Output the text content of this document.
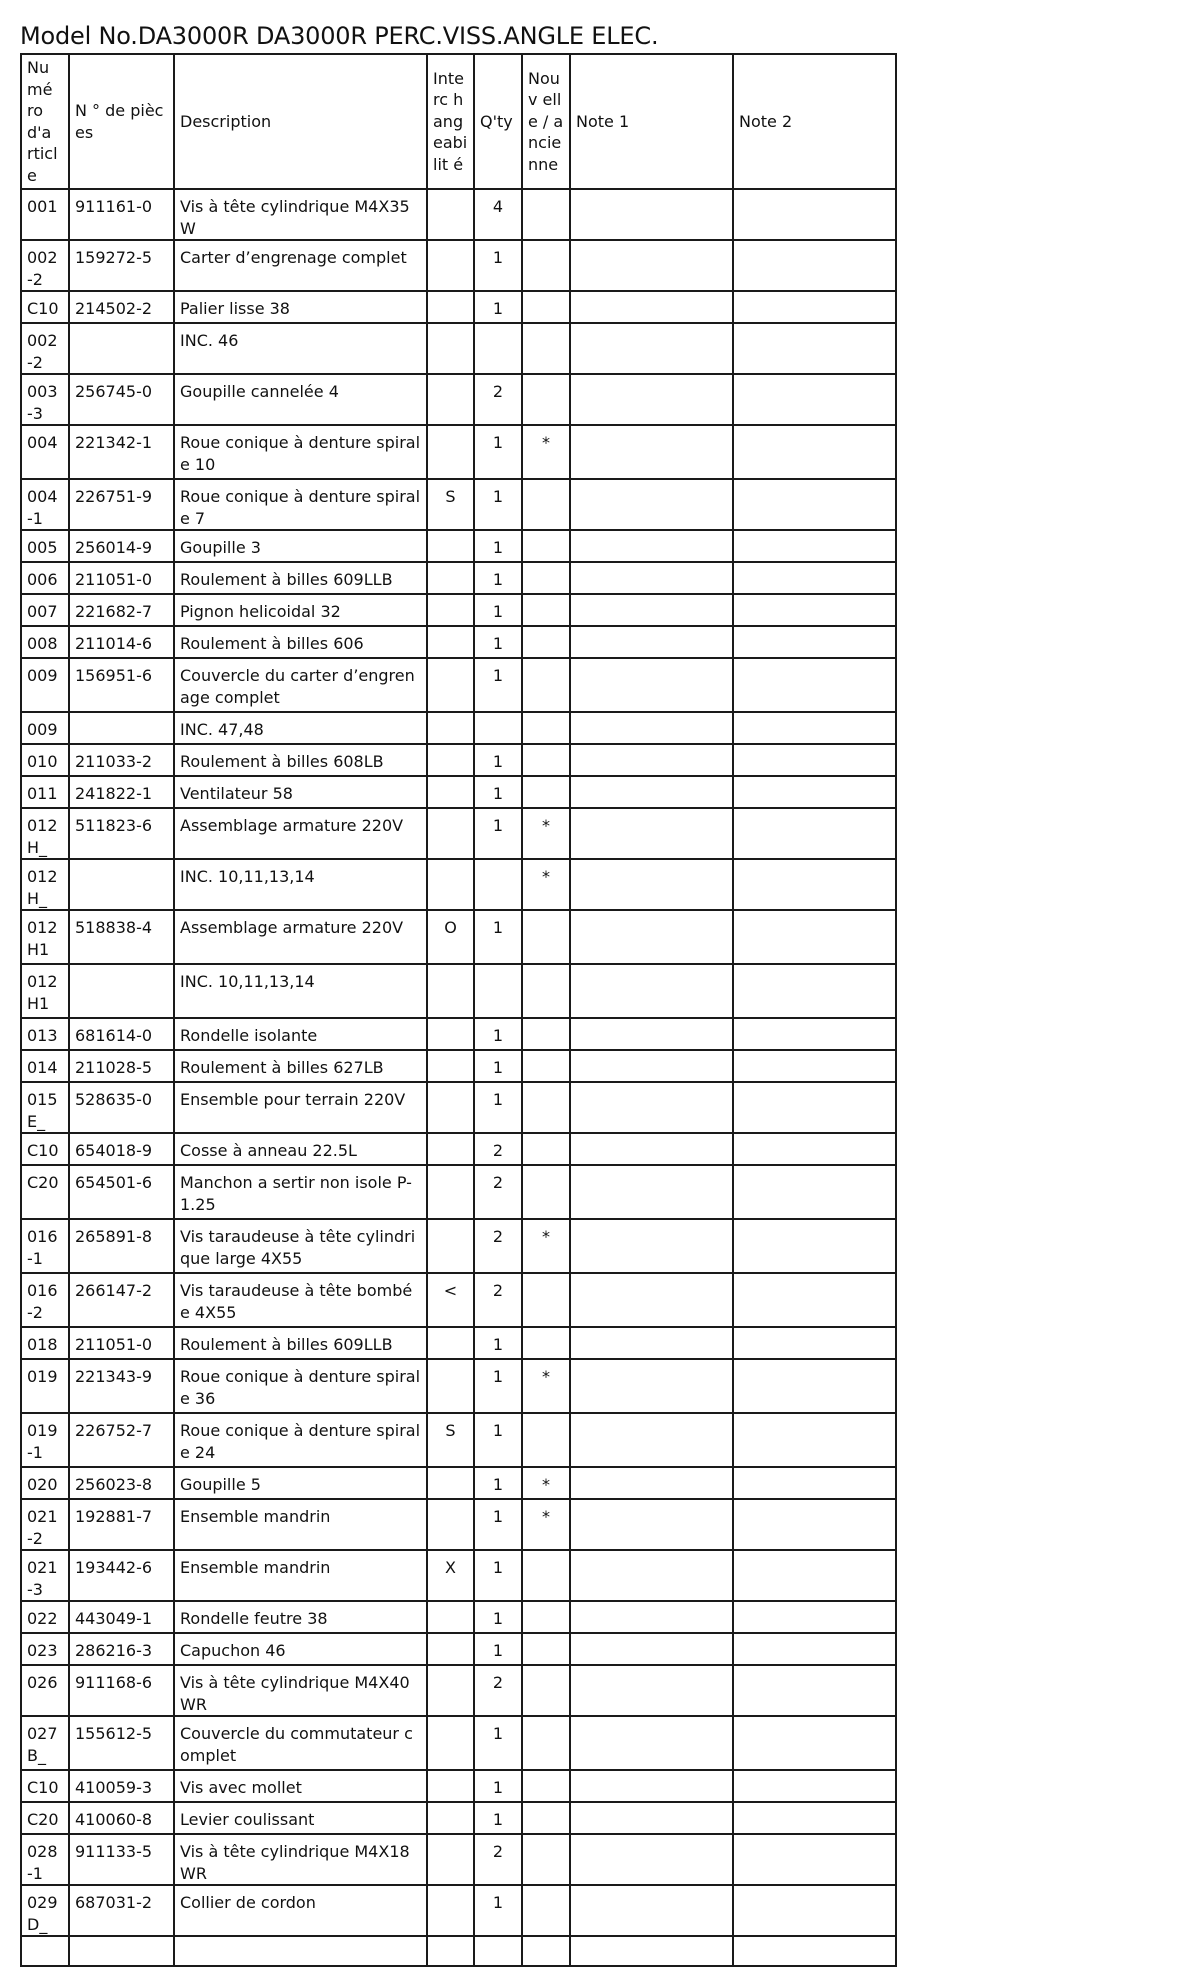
Model No.DA3000R DA3000R PERC.VISS.ANGLE ELEC.
Numé ro d'a rticle	N ° de pièces	Description	Interc hang eabilit é	Q'ty	Nouv elle / ancie nne	Note 1	Note 2
001	911161-0	Vis à tête cylindrique M4X35 W		4			
002-2	159272-5	Carter d’engrenage complet		1			
C10	214502-2	Palier lisse 38		1			
002-2		INC. 46					
003-3	256745-0	Goupille cannelée 4		2			
004	221342-1	Roue conique à denture spirale 10		1	*		
004-1	226751-9	Roue conique à denture spirale 7	S	1			
005	256014-9	Goupille 3		1			
006	211051-0	Roulement à billes 609LLB		1			
007	221682-7	Pignon helicoidal 32		1			
008	211014-6	Roulement à billes 606		1			
009	156951-6	Couvercle du carter d’engrenage complet		1			
009		INC. 47,48					
010	211033-2	Roulement à billes 608LB		1			
011	241822-1	Ventilateur 58		1			
012H_	511823-6	Assemblage armature 220V		1	*		
012H_		INC. 10,11,13,14			*		
012H1	518838-4	Assemblage armature 220V	O	1			
012H1		INC. 10,11,13,14					
013	681614-0	Rondelle isolante		1			
014	211028-5	Roulement à billes 627LB		1			
015E_	528635-0	Ensemble pour terrain 220V		1			
C10	654018-9	Cosse à anneau 22.5L		2			
C20	654501-6	Manchon a sertir non isole P-1.25		2			
016-1	265891-8	Vis taraudeuse à tête cylindrique large 4X55		2	*		
016-2	266147-2	Vis taraudeuse à tête bombée 4X55	<	2			
018	211051-0	Roulement à billes 609LLB		1			
019	221343-9	Roue conique à denture spirale 36		1	*		
019-1	226752-7	Roue conique à denture spirale 24	S	1			
020	256023-8	Goupille 5		1	*		
021-2	192881-7	Ensemble mandrin		1	*		
021-3	193442-6	Ensemble mandrin	X	1			
022	443049-1	Rondelle feutre 38		1			
023	286216-3	Capuchon 46		1			
026	911168-6	Vis à tête cylindrique M4X40 WR		2			
027B_	155612-5	Couvercle du commutateur complet		1			
C10	410059-3	Vis avec mollet		1			
C20	410060-8	Levier coulissant		1			
028-1	911133-5	Vis à tête cylindrique M4X18 WR		2			
029D_	687031-2	Collier de cordon		1			
